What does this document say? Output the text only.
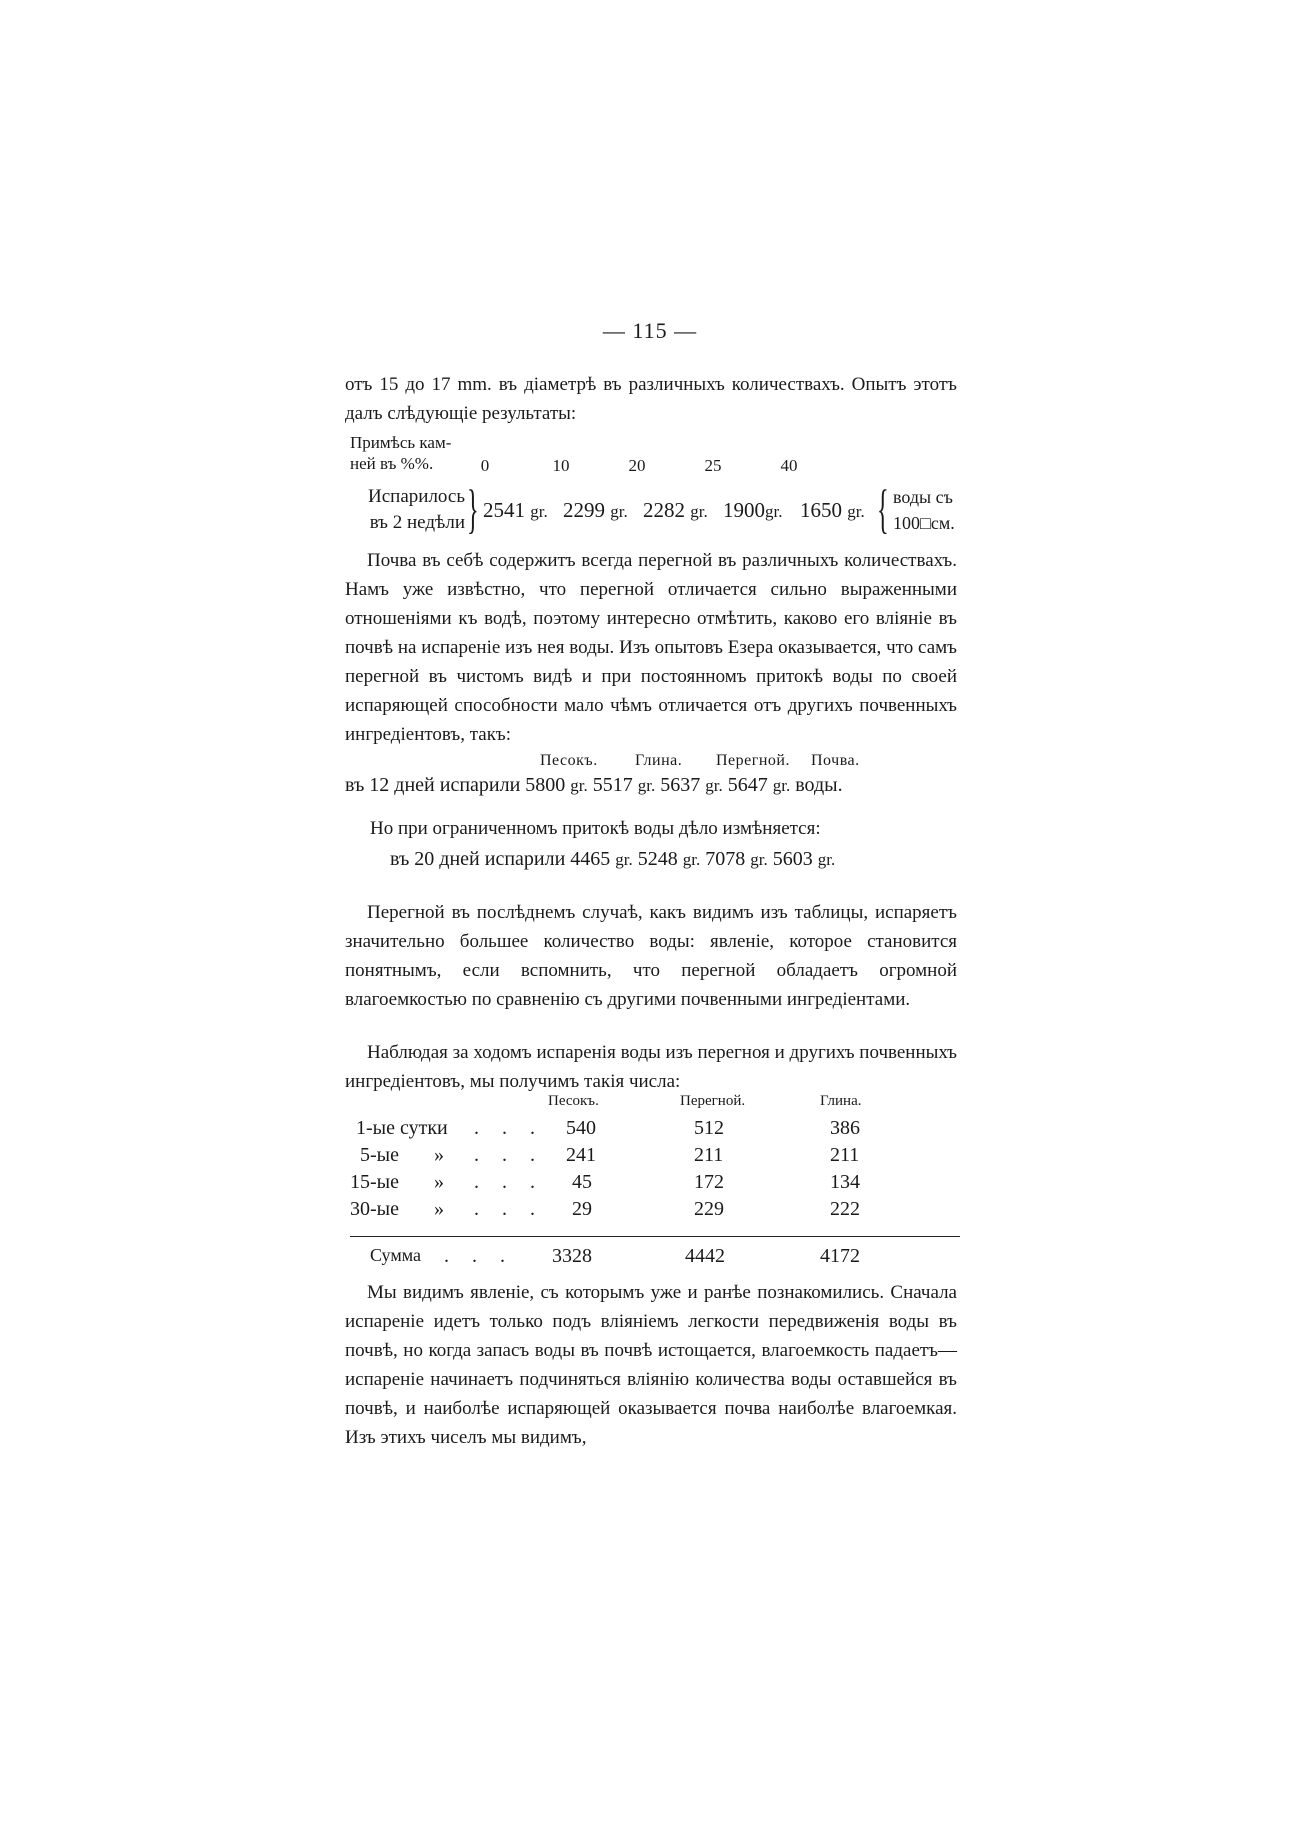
— 115 —

отъ 15 до 17 mm. въ діаметрѣ въ различныхъ количествахъ. Опытъ этотъ далъ слѣдующіе результаты:

Примѣсь кам-ней въ %%.	0	10	20	25	40
Испарилось въ 2 недѣли } 2541 gr. 2299 gr. 2282 gr. 1900gr. 1650 gr. { воды съ 100□см.

Почва въ себѣ содержитъ всегда перегной въ различныхъ количествахъ. Намъ уже извѣстно, что перегной отличается сильно выраженными отношеніями къ водѣ, поэтому интересно отмѣтить, каково его вліяніе въ почвѣ на испареніе изъ нея воды. Изъ опытовъ Езера оказывается, что самъ перегной въ чистомъ видѣ и при постоянномъ притокѣ воды по своей испаряющей способности мало чѣмъ отличается отъ другихъ почвенныхъ ингредіентовъ, такъ:

Песокъ. Глина. Перегной. Почва.
въ 12 дней испарили 5800 gr. 5517 gr. 5637 gr. 5647 gr. воды.
Но при ограниченномъ притокѣ воды дѣло измѣняется:
въ 20 дней испарили 4465 gr. 5248 gr. 7078 gr. 5603 gr.

Перегной въ послѣднемъ случаѣ, какъ видимъ изъ таблицы, испаряетъ значительно большее количество воды: явленіе, которое становится понятнымъ, если вспомнить, что перегной обладаетъ огромной влагоемкостью по сравненію съ другими почвенными ингредіентами.

Наблюдая за ходомъ испаренія воды изъ перегноя и другихъ почвенныхъ ингредіентовъ, мы получимъ такія числа:

Песокъ.	Перегной.	Глина.
1-ые сутки . . . 540	512	386
5-ые » . . . 241	211	211
15-ые » . . . 45	172	134
30-ые » . . . 29	229	222
Сумма . . . 3328	4442	4172

Мы видимъ явленіе, съ которымъ уже и ранѣе познакомились. Сначала испареніе идетъ только подъ вліяніемъ легкости передвиженія воды въ почвѣ, но когда запасъ воды въ почвѣ истощается, влагоемкость падаетъ—испареніе начинаетъ подчиняться вліянію количества воды оставшейся въ почвѣ, и наиболѣе испаряющей оказывается почва наиболѣе влагоемкая. Изъ этихъ чиселъ мы видимъ,
